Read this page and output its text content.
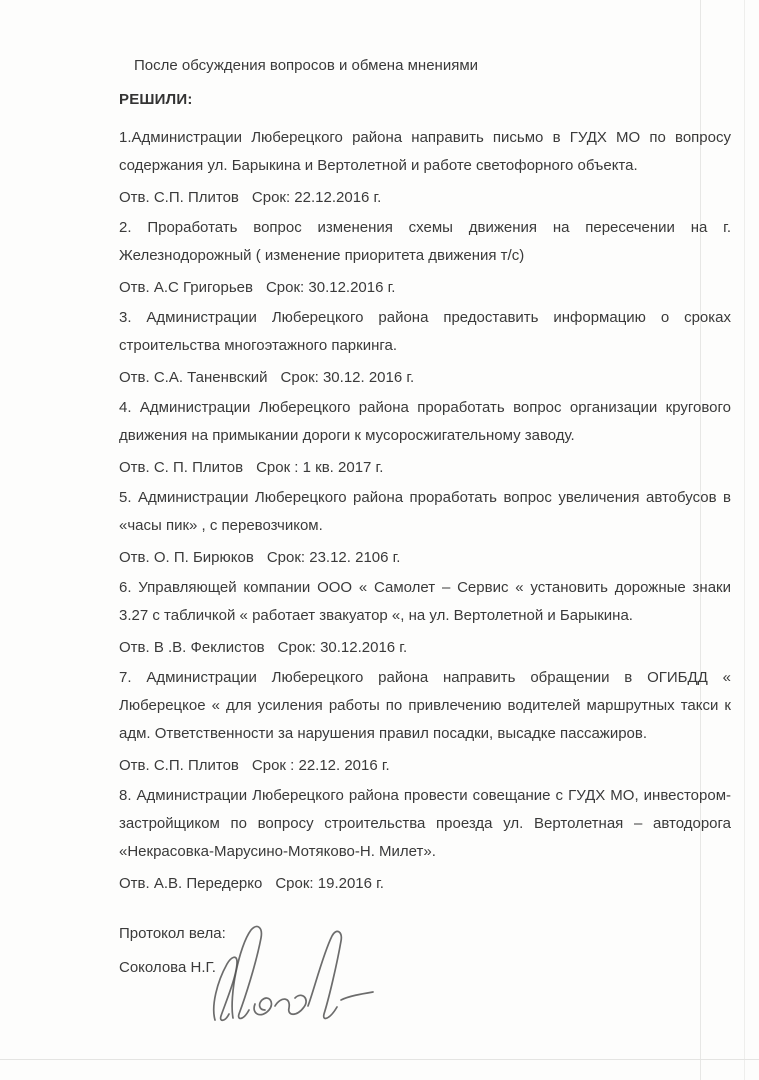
После обсуждения вопросов и обмена мнениями

РЕШИЛИ:

1.Администрации Люберецкого района направить письмо в ГУДХ МО по вопросу содержания ул. Барыкина и Вертолетной и работе светофорного объекта.

Отв. С.П. Плитов Срок: 22.12.2016 г.

2. Проработать вопрос изменения схемы движения на пересечении на г. Железнодорожный ( изменение приоритета движения т/с)

Отв. А.С Григорьев Срок: 30.12.2016 г.

3. Администрации Люберецкого района предоставить информацию о сроках строительства многоэтажного паркинга.

Отв. С.А. Таненвский Срок: 30.12. 2016 г.

4. Администрации Люберецкого района проработать вопрос организации кругового движения на примыкании дороги к мусоросжигательному заводу.

Отв. С. П. Плитов Срок : 1 кв. 2017 г.

5. Администрации Люберецкого района проработать вопрос увеличения автобусов в «часы пик» , с перевозчиком.

Отв. О. П. Бирюков Срок: 23.12. 2106 г.

6. Управляющей компании ООО « Самолет – Сервис « установить дорожные знаки 3.27 с табличкой « работает звакуатор «, на ул. Вертолетной и Барыкина.

Отв. В .В. Феклистов Срок: 30.12.2016 г.

7. Администрации Люберецкого района направить обращении в ОГИБДД « Люберецкое « для усиления работы по привлечению водителей маршрутных такси к адм. Ответственности за нарушения правил посадки, высадке пассажиров.

Отв. С.П. Плитов Срок : 22.12. 2016 г.

8. Администрации Люберецкого района провести совещание с ГУДХ МО, инвестором-застройщиком по вопросу строительства проезда ул. Вертолетная – автодорога «Некрасовка-Марусино-Мотяково-Н. Милет».

Отв. А.В. Передерко Срок: 19.2016 г.

Протокол вела:

Соколова Н.Г.
